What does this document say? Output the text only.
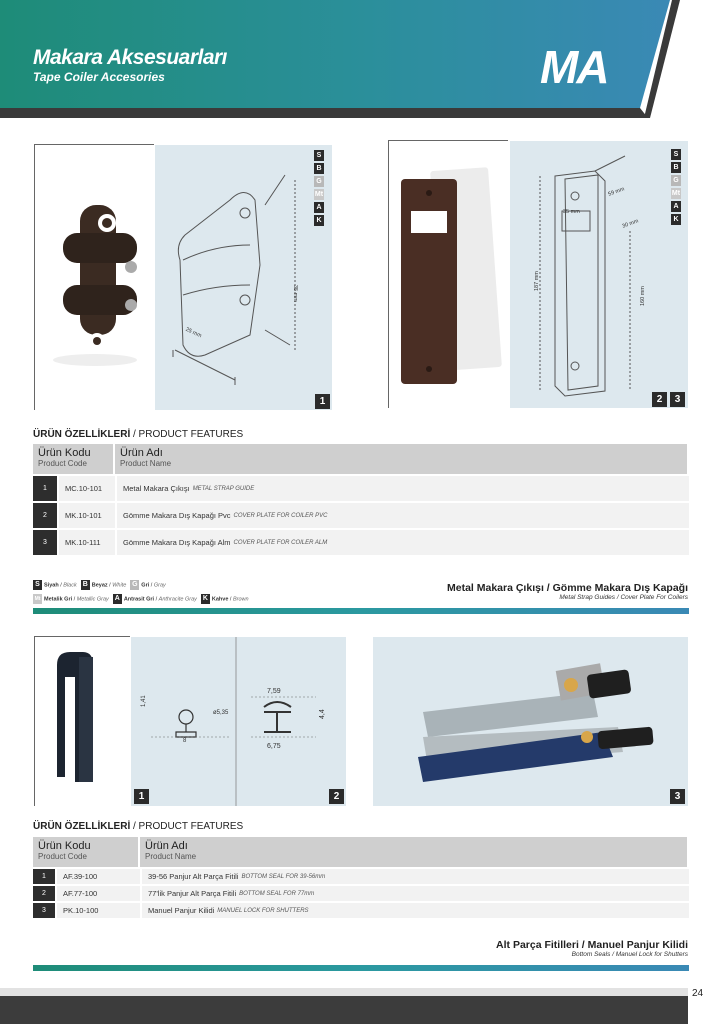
Makara Aksesuarları
Tape Coiler Accesories	MA
35 mm
25 mm
S
B
G
Mt
A
K
1
59 mm
30 mm
35 mm
187 mm
160 mm
S
B
G
Mt
A
K
2	3
ÜRÜN ÖZELLİKLERİ / PRODUCT FEATURES
Ürün Kodu
Product Code
Ürün Adı
Product Name
1	MC.10-101	Metal Makara Çıkışı METAL STRAP GUIDE
2	MK.10-101	Gömme Makara Dış Kapağı Pvc COVER PLATE FOR COILER PVC
3	MK.10-111	Gömme Makara Dış Kapağı Alm COVER PLATE FOR COILER ALM
S Siyah / Black B Beyaz / White G Gri / Gray
Mt Metalik Gri / Metallic Gray A Antrasit Gri / Anthracite Gray K Kahve / Brown
Metal Makara Çıkışı / Gömme Makara Dış Kapağı
Metal Strap Guides / Cover Plate For Coilers
1,41
ø5,35
8
7,59
4,4
6,75
1	2	3
ÜRÜN ÖZELLİKLERİ / PRODUCT FEATURES
Ürün Kodu
Product Code
Ürün Adı
Product Name
1	AF.39-100	39-56 Panjur Alt Parça Fitili BOTTOM SEAL FOR 39-56mm
2	AF.77-100	77'lik Panjur Alt Parça Fitili BOTTOM SEAL FOR 77mm
3	PK.10-100	Manuel Panjur Kilidi MANUEL LOCK FOR SHUTTERS
Alt Parça Fitilleri / Manuel Panjur Kilidi
Bottom Seals / Manuel Lock for Shutters
24
